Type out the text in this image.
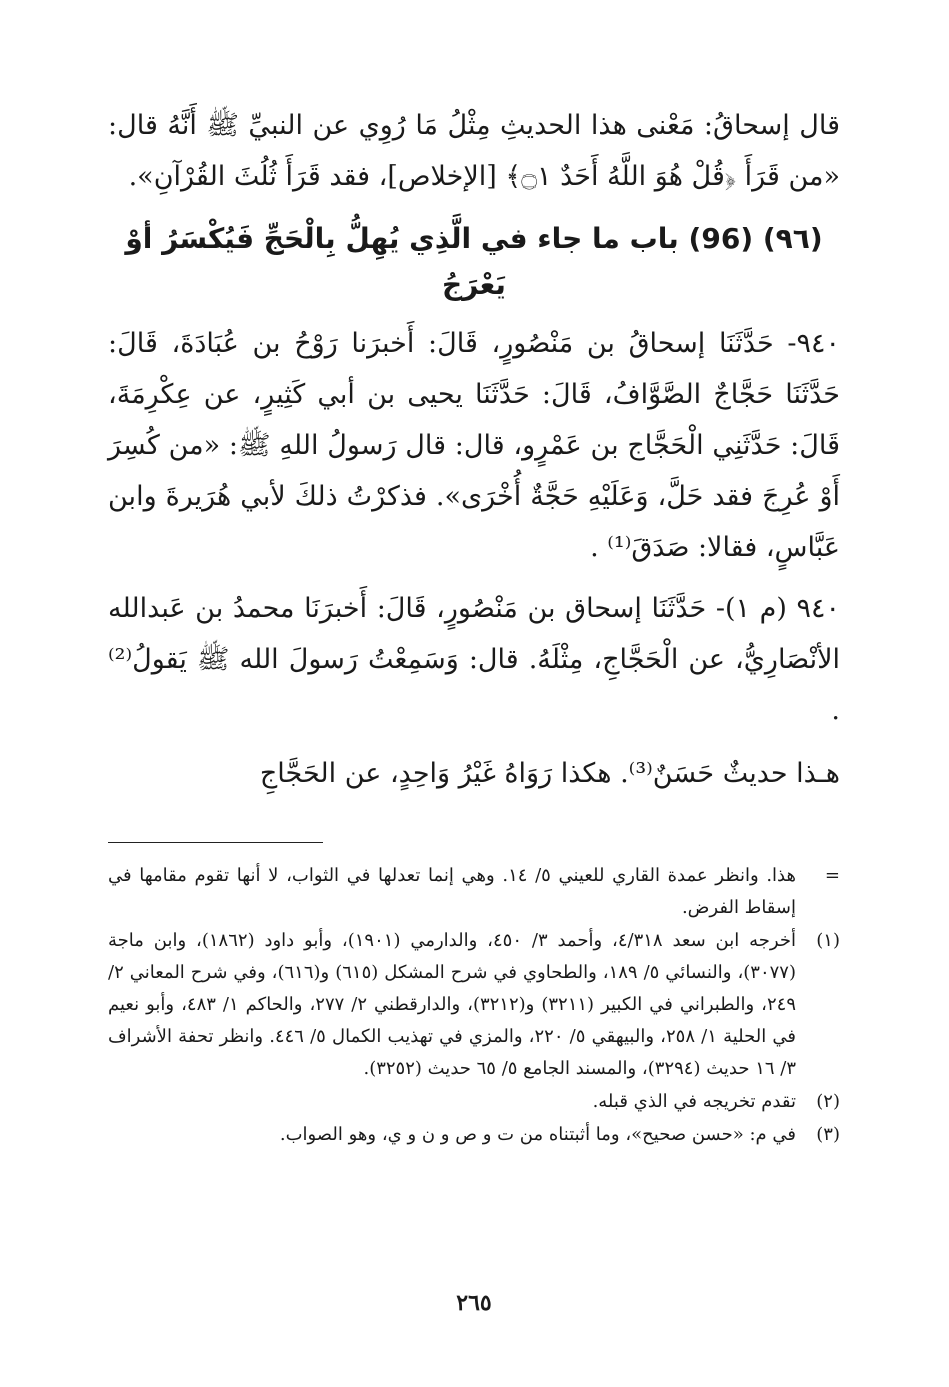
قال إسحاقُ: مَعْنى هذا الحديثِ مِثْلُ مَا رُوِي عن النبيِّ ﷺ أَنَّهُ قال: «من قَرَأَ ﴿قُلْ هُوَ اللَّهُ أَحَدٌ ۝١﴾ [الإخلاص]، فقد قَرَأَ ثُلُثَ القُرْآنِ».

(٩٦) (96) باب ما جاء في الَّذِي يُهِلُّ بِالْحَجِّ فَيُكْسَرُ أوْ يَعْرَجُ

٩٤٠- حَدَّثَنَا إسحاقُ بن مَنْصُورٍ، قَالَ: أَخبرَنا رَوْحُ بن عُبَادَةَ، قَالَ: حَدَّثَنَا حَجَّاجٌ الصَّوَّافُ، قَالَ: حَدَّثَنَا يحيى بن أبي كَثِيرٍ، عن عِكْرِمَةَ، قَالَ: حَدَّثَنِي الْحَجَّاج بن عَمْرٍو، قال: قال رَسولُ اللهِ ﷺ: «من كُسِرَ أَوْ عُرِجَ فقد حَلَّ، وَعَلَيْهِ حَجَّةٌ أُخْرَى». فذكرْتُ ذلكَ لأبي هُرَيرةَ وابن عَبَّاسٍ، فقالا: صَدَقَ⁽¹⁾ .

٩٤٠ (م ١)- حَدَّثَنَا إسحاق بن مَنْصُورٍ، قَالَ: أَخبرَنَا محمدُ بن عَبدالله الأنْصَارِيُّ، عن الْحَجَّاجِ، مِثْلَهُ. قال: وَسَمِعْتُ رَسولَ الله ﷺ يَقولُ⁽²⁾ .

هـذا حديثٌ حَسَنٌ⁽³⁾. هكذا رَوَاهُ غَيْرُ وَاحِدٍ، عن الحَجَّاجِ

=
هذا. وانظر عمدة القاري للعيني ٥/ ١٤. وهي إنما تعدلها في الثواب، لا أنها تقوم مقامها في إسقاط الفرض.
(١)
أخرجه ابن سعد ٤/٣١٨، وأحمد ٣/ ٤٥٠، والدارمي (١٩٠١)، وأبو داود (١٨٦٢)، وابن ماجة (٣٠٧٧)، والنسائي ٥/ ١٨٩، والطحاوي في شرح المشكل (٦١٥) و(٦١٦)، وفي شرح المعاني ٢/ ٢٤٩، والطبراني في الكبير (٣٢١١) و(٣٢١٢)، والدارقطني ٢/ ٢٧٧، والحاكم ١/ ٤٨٣، وأبو نعيم في الحلية ١/ ٢٥٨، والبيهقي ٥/ ٢٢٠، والمزي في تهذيب الكمال ٥/ ٤٤٦. وانظر تحفة الأشراف ٣/ ١٦ حديث (٣٢٩٤)، والمسند الجامع ٥/ ٦٥ حديث (٣٢٥٢).
(٢)
تقدم تخريجه في الذي قبله.
(٣)
في م: «حسن صحيح»، وما أثبتناه من ت و ص و ن و ي، وهو الصواب.
٢٦٥
